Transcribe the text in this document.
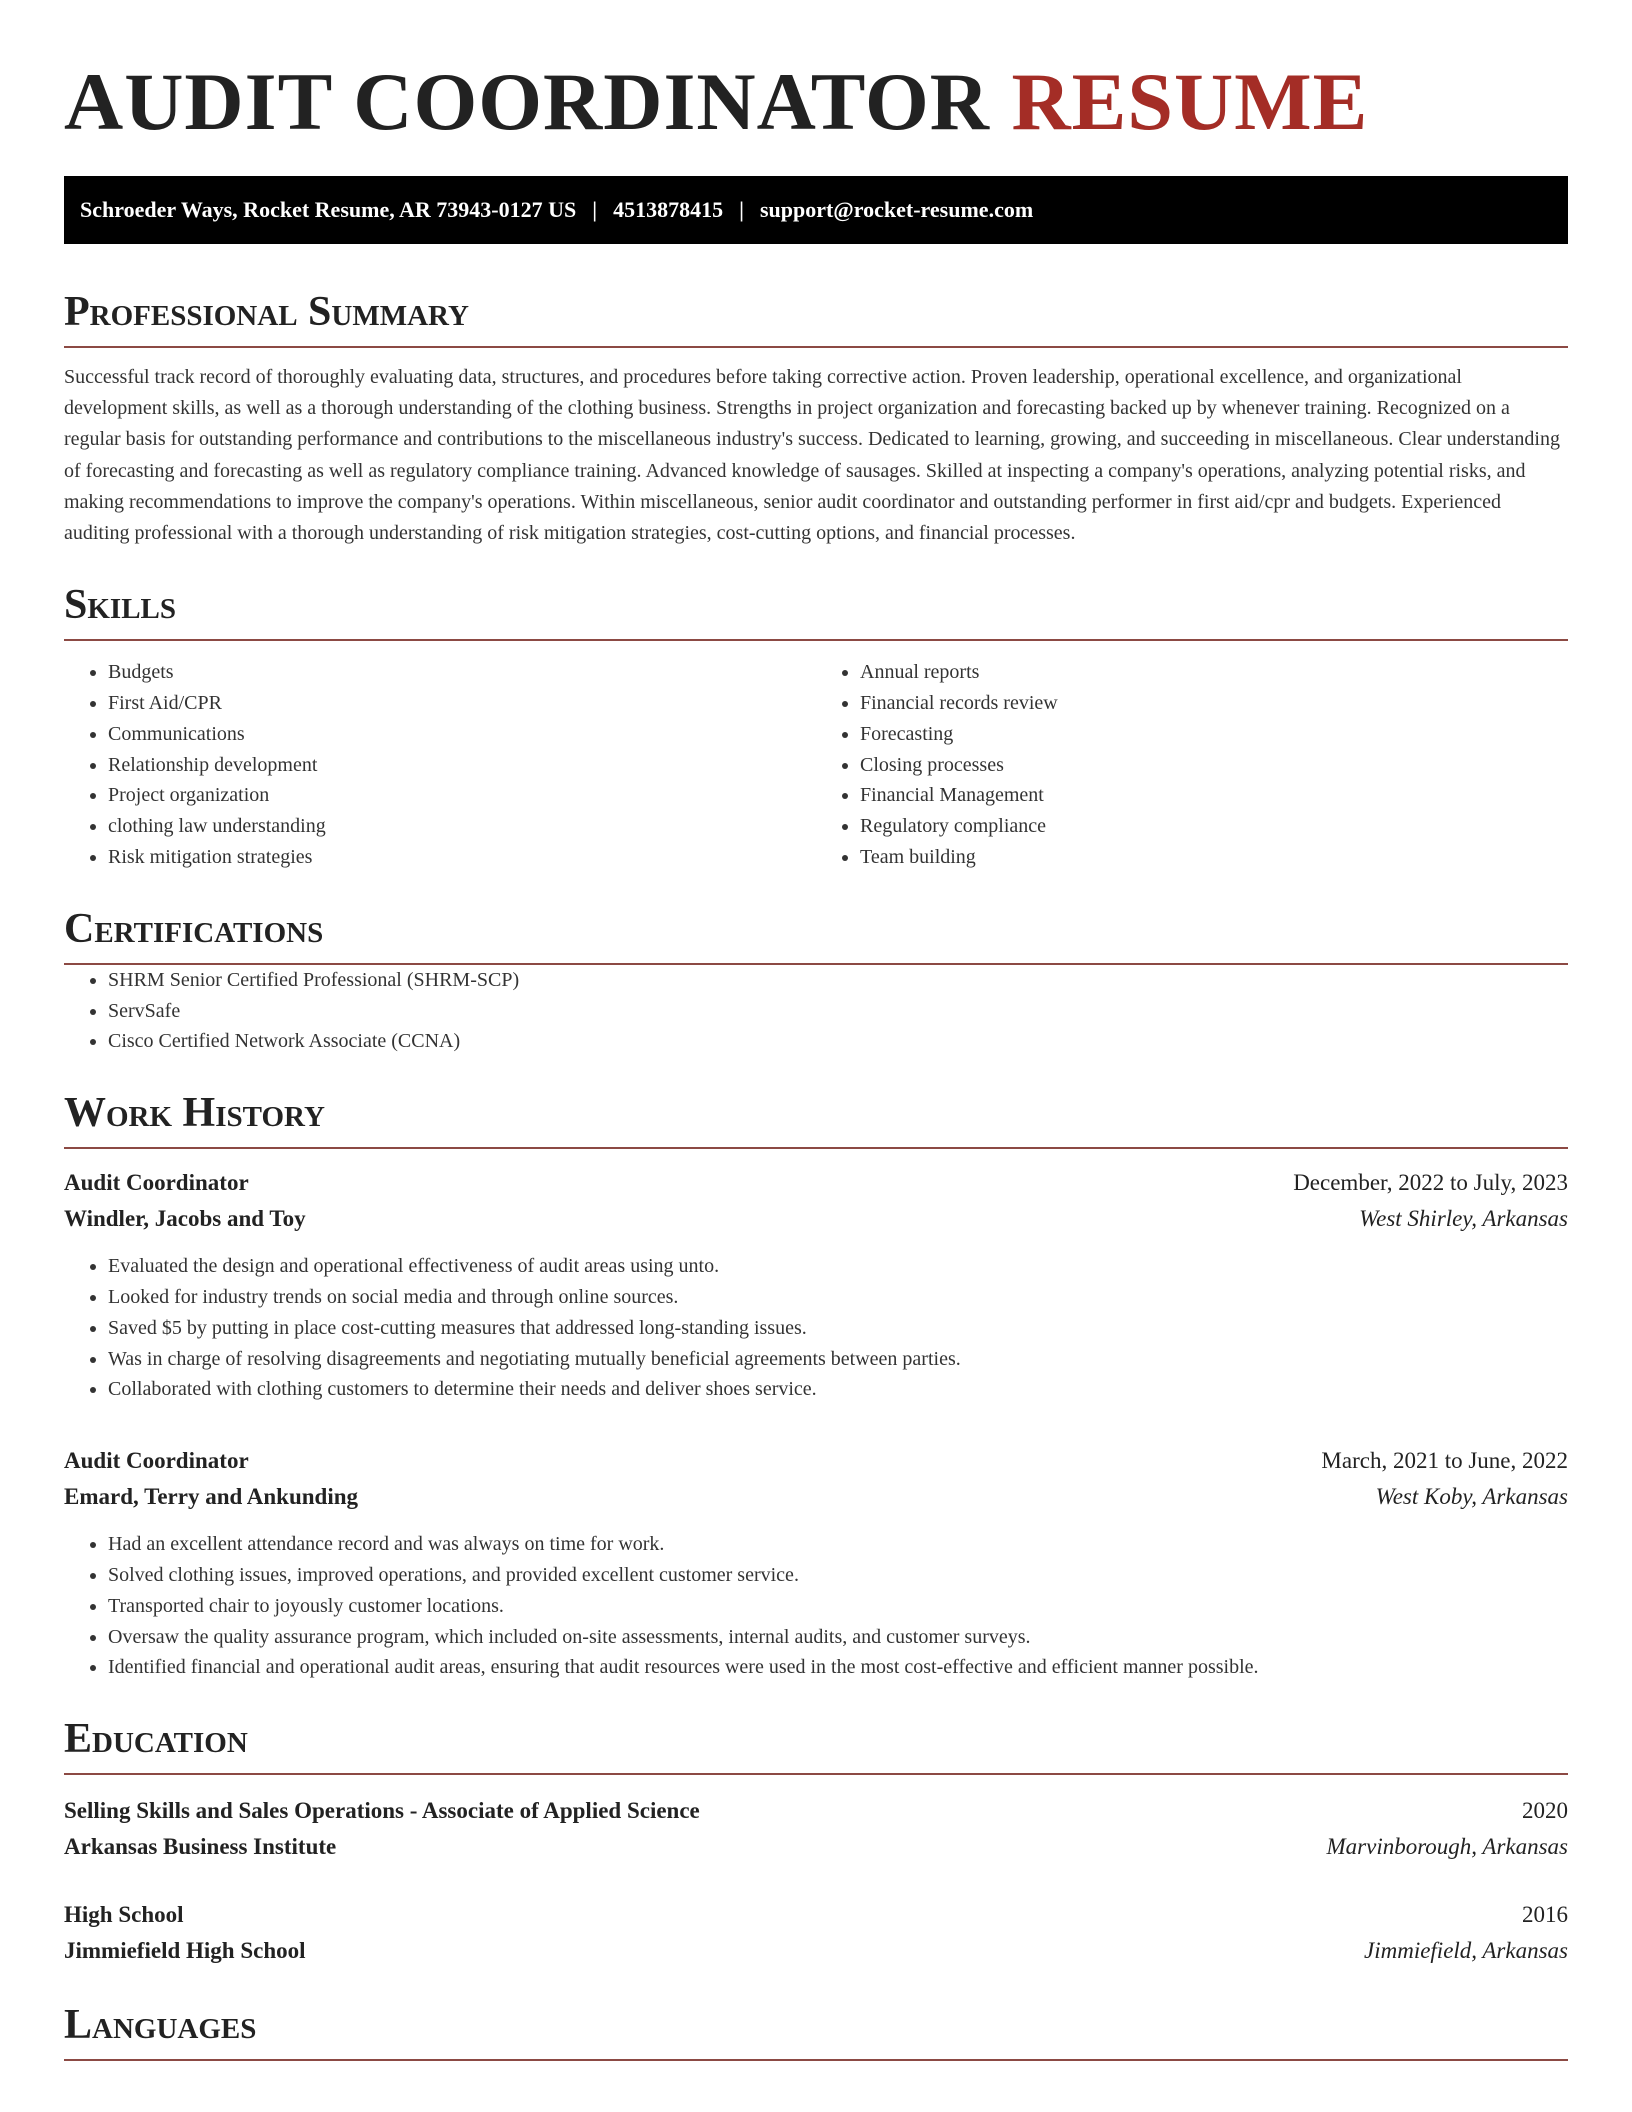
AUDIT COORDINATOR RESUME
Schroeder Ways, Rocket Resume, AR 73943-0127 US | 4513878415 | support@rocket-resume.com
Professional Summary

Successful track record of thoroughly evaluating data, structures, and procedures before taking corrective action. Proven leadership, operational excellence, and organizational development skills, as well as a thorough understanding of the clothing business. Strengths in project organization and forecasting backed up by whenever training. Recognized on a regular basis for outstanding performance and contributions to the miscellaneous industry's success. Dedicated to learning, growing, and succeeding in miscellaneous. Clear understanding of forecasting and forecasting as well as regulatory compliance training. Advanced knowledge of sausages. Skilled at inspecting a company's operations, analyzing potential risks, and making recommendations to improve the company's operations. Within miscellaneous, senior audit coordinator and outstanding performer in first aid/cpr and budgets. Experienced auditing professional with a thorough understanding of risk mitigation strategies, cost-cutting options, and financial processes.

Skills
• Budgets
• First Aid/CPR
• Communications
• Relationship development
• Project organization
• clothing law understanding
• Risk mitigation strategies
• Annual reports
• Financial records review
• Forecasting
• Closing processes
• Financial Management
• Regulatory compliance
• Team building
Certifications
• SHRM Senior Certified Professional (SHRM-SCP)
• ServSafe
• Cisco Certified Network Associate (CCNA)
Work History
Audit Coordinator	December, 2022 to July, 2023
Windler, Jacobs and Toy	West Shirley, Arkansas
• Evaluated the design and operational effectiveness of audit areas using unto.
• Looked for industry trends on social media and through online sources.
• Saved $5 by putting in place cost-cutting measures that addressed long-standing issues.
• Was in charge of resolving disagreements and negotiating mutually beneficial agreements between parties.
• Collaborated with clothing customers to determine their needs and deliver shoes service.
Audit Coordinator	March, 2021 to June, 2022
Emard, Terry and Ankunding	West Koby, Arkansas
• Had an excellent attendance record and was always on time for work.
• Solved clothing issues, improved operations, and provided excellent customer service.
• Transported chair to joyously customer locations.
• Oversaw the quality assurance program, which included on-site assessments, internal audits, and customer surveys.
• Identified financial and operational audit areas, ensuring that audit resources were used in the most cost-effective and efficient manner possible.
Education
Selling Skills and Sales Operations - Associate of Applied Science	2020
Arkansas Business Institute	Marvinborough, Arkansas
High School	2016
Jimmiefield High School	Jimmiefield, Arkansas
Languages
